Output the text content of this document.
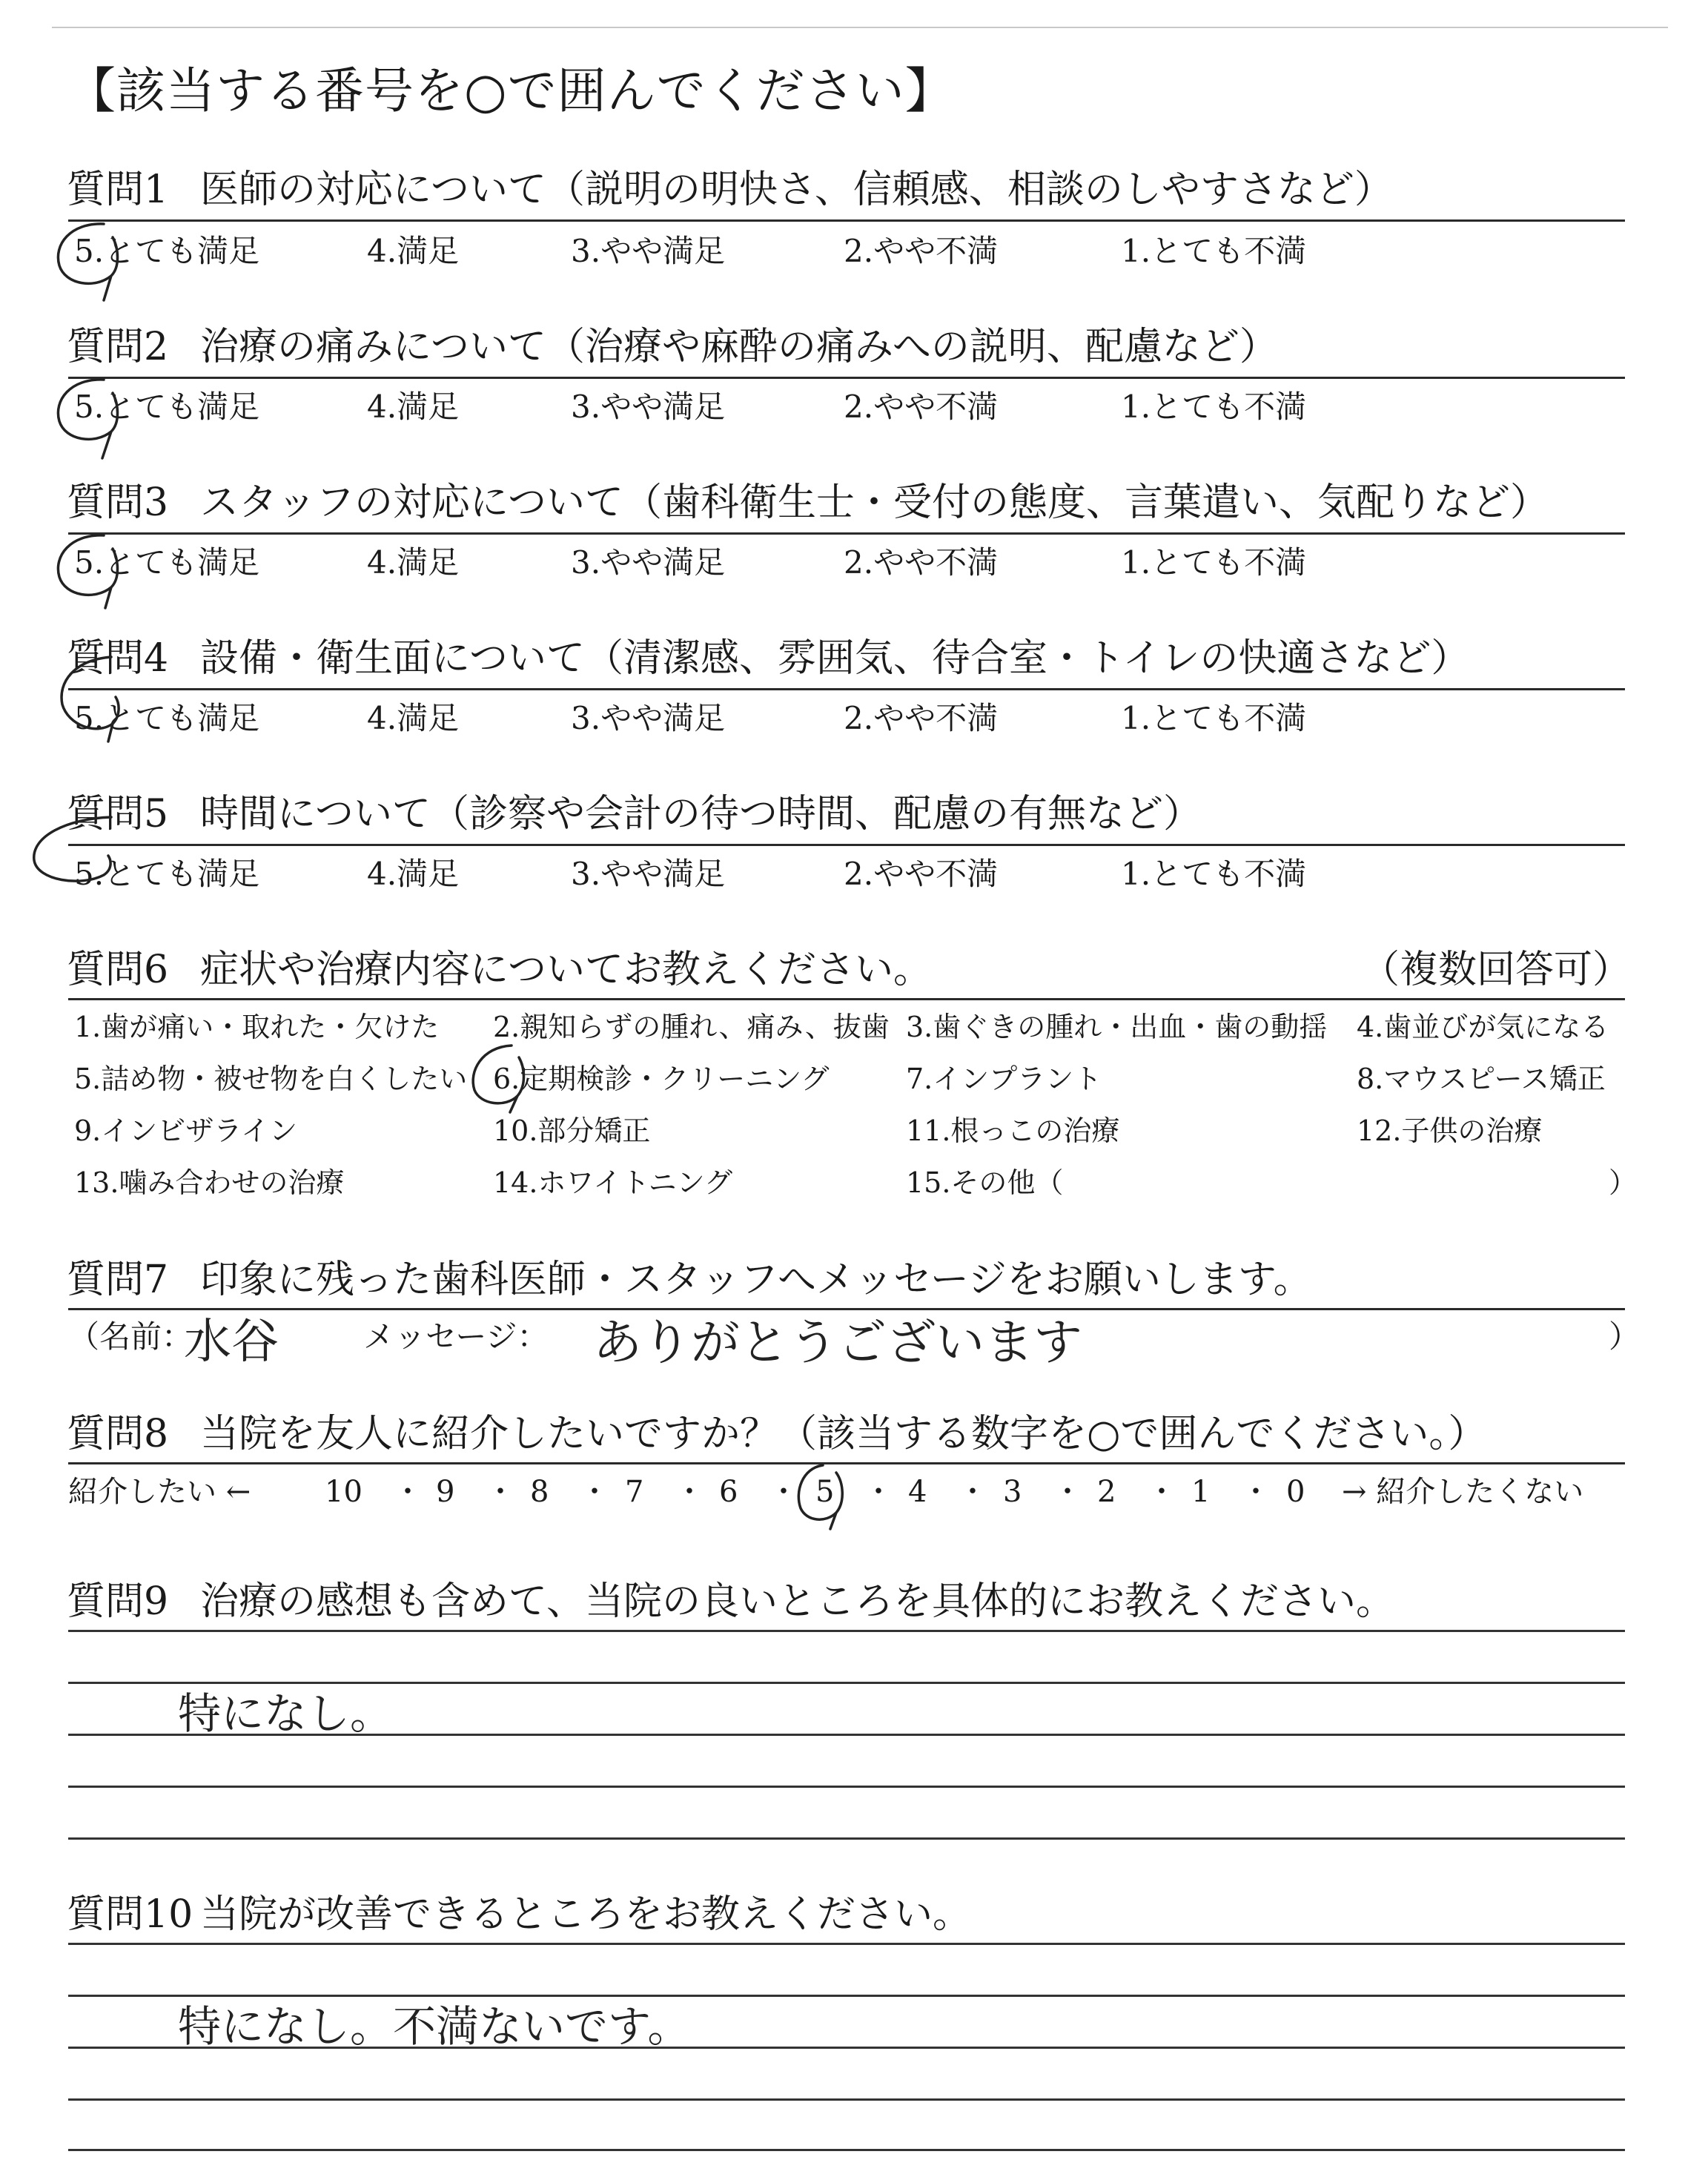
【該当する番号を○で囲んでください】
質問1 医師の対応について（説明の明快さ、信頼感、相談のしやすさなど）
5.とても満足	4.満足	3.やや満足	2.やや不満	1.とても不満
質問2 治療の痛みについて（治療や麻酔の痛みへの説明、配慮など）
5.とても満足	4.満足	3.やや満足	2.やや不満	1.とても不満
質問3 スタッフの対応について（歯科衛生士・受付の態度、言葉遣い、気配りなど）
5.とても満足	4.満足	3.やや満足	2.やや不満	1.とても不満
質問4 設備・衛生面について（清潔感、雰囲気、待合室・トイレの快適さなど）
5.とても満足	4.満足	3.やや満足	2.やや不満	1.とても不満
質問5 時間について（診察や会計の待つ時間、配慮の有無など）
5.とても満足	4.満足	3.やや満足	2.やや不満	1.とても不満
質問6 症状や治療内容についてお教えください。	（複数回答可）
1.歯が痛い・取れた・欠けた 2.親知らずの腫れ、痛み、抜歯 3.歯ぐきの腫れ・出血・歯の動揺 4.歯並びが気になる
5.詰め物・被せ物を白くしたい 6.定期検診・クリーニング	7.インプラント	8.マウスピース矯正
9.インビザライン	10.部分矯正	11.根っこの治療	12.子供の治療
13.噛み合わせの治療	14.ホワイトニング	15.その他（	）
質問7 印象に残った歯科医師・スタッフへメッセージをお願いします。
（名前：
水谷	メッセージ： ありがとうございます	）
質問8 当院を友人に紹介したいですか？（該当する数字を○で囲んでください。）
紹介したい ← 10 ・ 9 ・ 8 ・ 7 ・ 6 ・ 5 ・ 4 ・ 3 ・ 2 ・ 1 ・ 0 → 紹介したくない
質問9 治療の感想も含めて、当院の良いところを具体的にお教えください。
特になし。
質問10 当院が改善できるところをお教えください。
特になし。不満ないです。
